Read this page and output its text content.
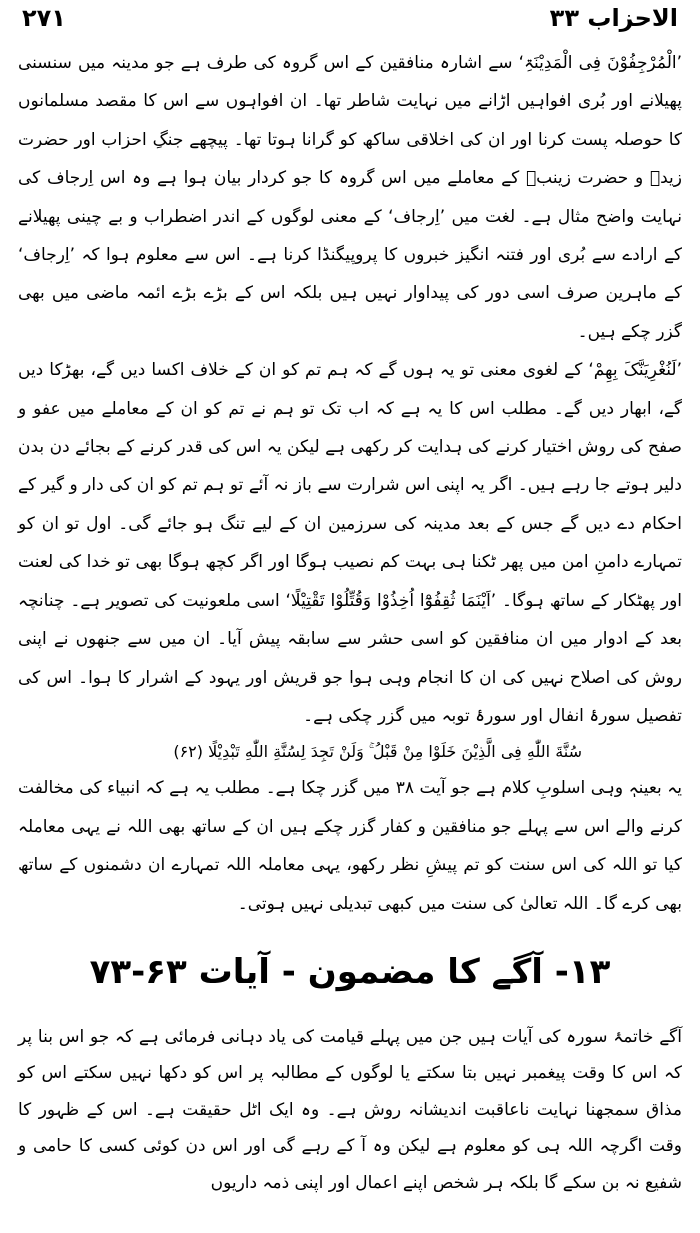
۲۷۱	الاحزاب ۳۳

’الْمُرْجِفُوْنَ فِی الْمَدِیْنَۃِ‘ سے اشارہ منافقین کے اس گروہ کی طرف ہے جو مدینہ میں سنسنی پھیلانے اور بُری افواہیں اڑانے میں نہایت شاطر تھا۔ ان افواہوں سے اس کا مقصد مسلمانوں کا حوصلہ پست کرنا اور ان کی اخلاقی ساکھ کو گرانا ہوتا تھا۔ پیچھے جنگِ احزاب اور حضرت زیدؓ و حضرت زینبؓ کے معاملے میں اس گروہ کا جو کردار بیان ہوا ہے وہ اس اِرجاف کی نہایت واضح مثال ہے۔ لغت میں ’اِرجاف‘ کے معنی لوگوں کے اندر اضطراب و بے چینی پھیلانے کے ارادے سے بُری اور فتنہ انگیز خبروں کا پروپیگنڈا کرنا ہے۔ اس سے معلوم ہوا کہ ’اِرجاف‘ کے ماہرین صرف اسی دور کی پیداوار نہیں ہیں بلکہ اس کے بڑے بڑے ائمہ ماضی میں بھی گزر چکے ہیں۔

’لَنُغْرِیَنَّکَ بِهِمْ‘ کے لغوی معنی تو یہ ہوں گے کہ ہم تم کو ان کے خلاف اکسا دیں گے، بھڑکا دیں گے، ابھار دیں گے۔ مطلب اس کا یہ ہے کہ اب تک تو ہم نے تم کو ان کے معاملے میں عفو و صفح کی روش اختیار کرنے کی ہدایت کر رکھی ہے لیکن یہ اس کی قدر کرنے کے بجائے دن بدن دلیر ہوتے جا رہے ہیں۔ اگر یہ اپنی اس شرارت سے باز نہ آئے تو ہم تم کو ان کی دار و گیر کے احکام دے دیں گے جس کے بعد مدینہ کی سرزمین ان کے لیے تنگ ہو جائے گی۔ اول تو ان کو تمہارے دامنِ امن میں پھر ٹکنا ہی بہت کم نصیب ہوگا اور اگر کچھ ہوگا بھی تو خدا کی لعنت اور پھٹکار کے ساتھ ہوگا۔ ’اَیْنَمَا ثُقِفُوْٓا اُخِذُوْا وَقُتِّلُوْا تَقْتِیْلًا‘ اسی ملعونیت کی تصویر ہے۔ چنانچہ بعد کے ادوار میں ان منافقین کو اسی حشر سے سابقہ پیش آیا۔ ان میں سے جنھوں نے اپنی روش کی اصلاح نہیں کی ان کا انجام وہی ہوا جو قریش اور یہود کے اشرار کا ہوا۔ اس کی تفصیل سورۂ انفال اور سورۂ توبہ میں گزر چکی ہے۔

سُنَّةَ اللّٰهِ فِی الَّذِیْنَ خَلَوْا مِنْ قَبْلُ ۚ وَلَنْ تَجِدَ لِسُنَّةِ اللّٰهِ تَبْدِیْلًا (۶۲)

یہ بعینہٖ وہی اسلوبِ کلام ہے جو آیت ۳۸ میں گزر چکا ہے۔ مطلب یہ ہے کہ انبیاء کی مخالفت کرنے والے اس سے پہلے جو منافقین و کفار گزر چکے ہیں ان کے ساتھ بھی اللہ نے یہی معاملہ کیا تو اللہ کی اس سنت کو تم پیشِ نظر رکھو، یہی معاملہ اللہ تمہارے ان دشمنوں کے ساتھ بھی کرے گا۔ اللہ تعالیٰ کی سنت میں کبھی تبدیلی نہیں ہوتی۔

۱۳- آگے کا مضمون - آیات ۶۳-۷۳

آگے خاتمۂ سورہ کی آیات ہیں جن میں پہلے قیامت کی یاد دہانی فرمائی ہے کہ جو اس بنا پر کہ اس کا وقت پیغمبر نہیں بتا سکتے یا لوگوں کے مطالبہ پر اس کو دکھا نہیں سکتے اس کو مذاق سمجھنا نہایت ناعاقبت اندیشانہ روش ہے۔ وہ ایک اٹل حقیقت ہے۔ اس کے ظہور کا وقت اگرچہ اللہ ہی کو معلوم ہے لیکن وہ آ کے رہے گی اور اس دن کوئی کسی کا حامی و شفیع نہ بن سکے گا بلکہ ہر شخص اپنے اعمال اور اپنی ذمہ داریوں
